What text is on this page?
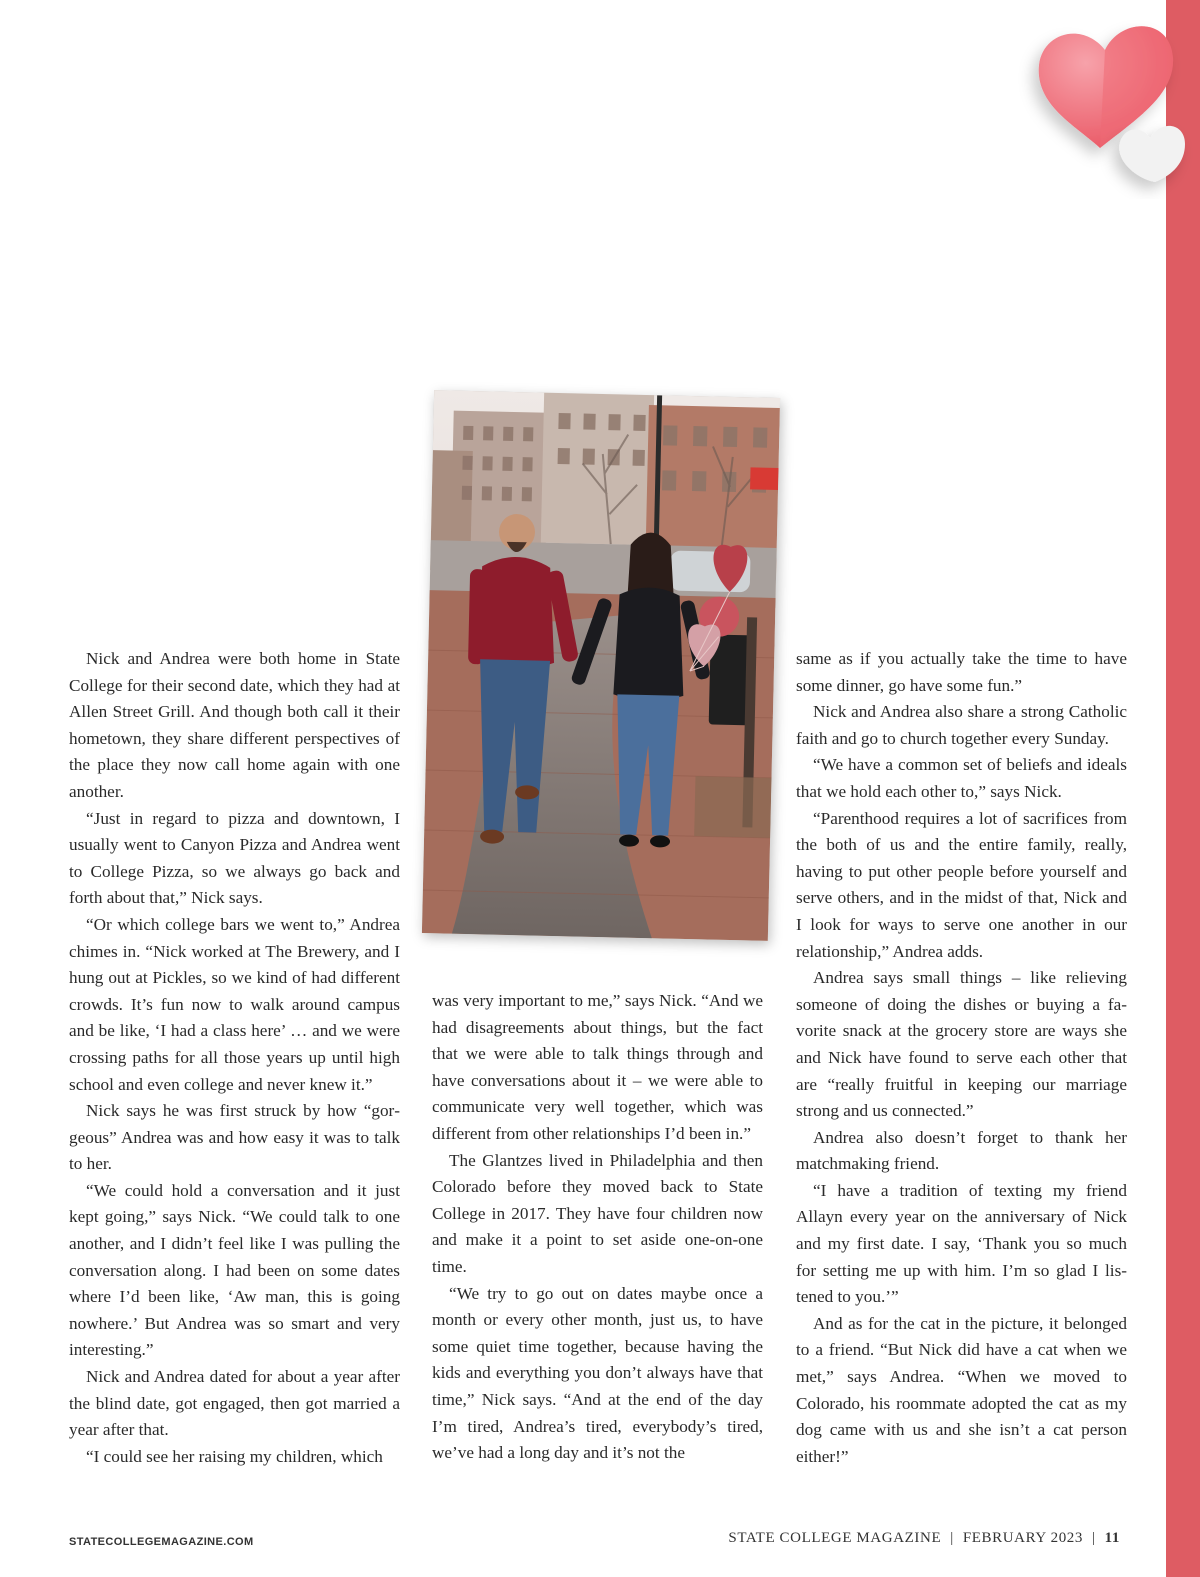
Nick and Andrea were both home in State College for their second date, which they had at Allen Street Grill. And though both call it their hometown, they share different perspectives of the place they now call home again with one another.

“Just in regard to pizza and downtown, I usually went to Canyon Pizza and Andrea went to College Pizza, so we always go back and forth about that,” Nick says.

“Or which college bars we went to,” Andrea chimes in. “Nick worked at The Brewery, and I hung out at Pickles, so we kind of had different crowds. It’s fun now to walk around campus and be like, ‘I had a class here’ … and we were crossing paths for all those years up until high school and even college and never knew it.”

Nick says he was first struck by how “gorgeous” Andrea was and how easy it was to talk to her.

“We could hold a conversation and it just kept going,” says Nick. “We could talk to one another, and I didn’t feel like I was pulling the conversation along. I had been on some dates where I’d been like, ‘Aw man, this is going nowhere.’ But Andrea was so smart and very interesting.”

Nick and Andrea dated for about a year after the blind date, got engaged, then got married a year after that.

“I could see her raising my children, which

was very important to me,” says Nick. “And we had disagreements about things, but the fact that we were able to talk things through and have conversations about it – we were able to communicate very well together, which was different from other relationships I’d been in.”

The Glantzes lived in Philadelphia and then Colorado before they moved back to State College in 2017. They have four children now and make it a point to set aside one-on-one time.

“We try to go out on dates maybe once a month or every other month, just us, to have some quiet time together, because having the kids and everything you don’t always have that time,” Nick says. “And at the end of the day I’m tired, Andrea’s tired, everybody’s tired, we’ve had a long day and it’s not the

same as if you actually take the time to have some dinner, go have some fun.”

Nick and Andrea also share a strong Catholic faith and go to church together every Sunday.

“We have a common set of beliefs and ideals that we hold each other to,” says Nick.

“Parenthood requires a lot of sacrifices from the both of us and the entire family, really, having to put other people before yourself and serve others, and in the midst of that, Nick and I look for ways to serve one another in our relationship,” Andrea adds.

Andrea says small things – like relieving someone of doing the dishes or buying a favorite snack at the grocery store are ways she and Nick have found to serve each other that are “really fruitful in keeping our marriage strong and us connected.”

Andrea also doesn’t forget to thank her matchmaking friend.

“I have a tradition of texting my friend Allayn every year on the anniversary of Nick and my first date. I say, ‘Thank you so much for setting me up with him. I’m so glad I listened to you.’”

And as for the cat in the picture, it belonged to a friend. “But Nick did have a cat when we met,” says Andrea. “When we moved to Colorado, his roommate adopted the cat as my dog came with us and she isn’t a cat person either!”

STATECOLLEGEMAGAZINE.COM	STATE COLLEGE MAGAZINE | FEBRUARY 2023 | 11
